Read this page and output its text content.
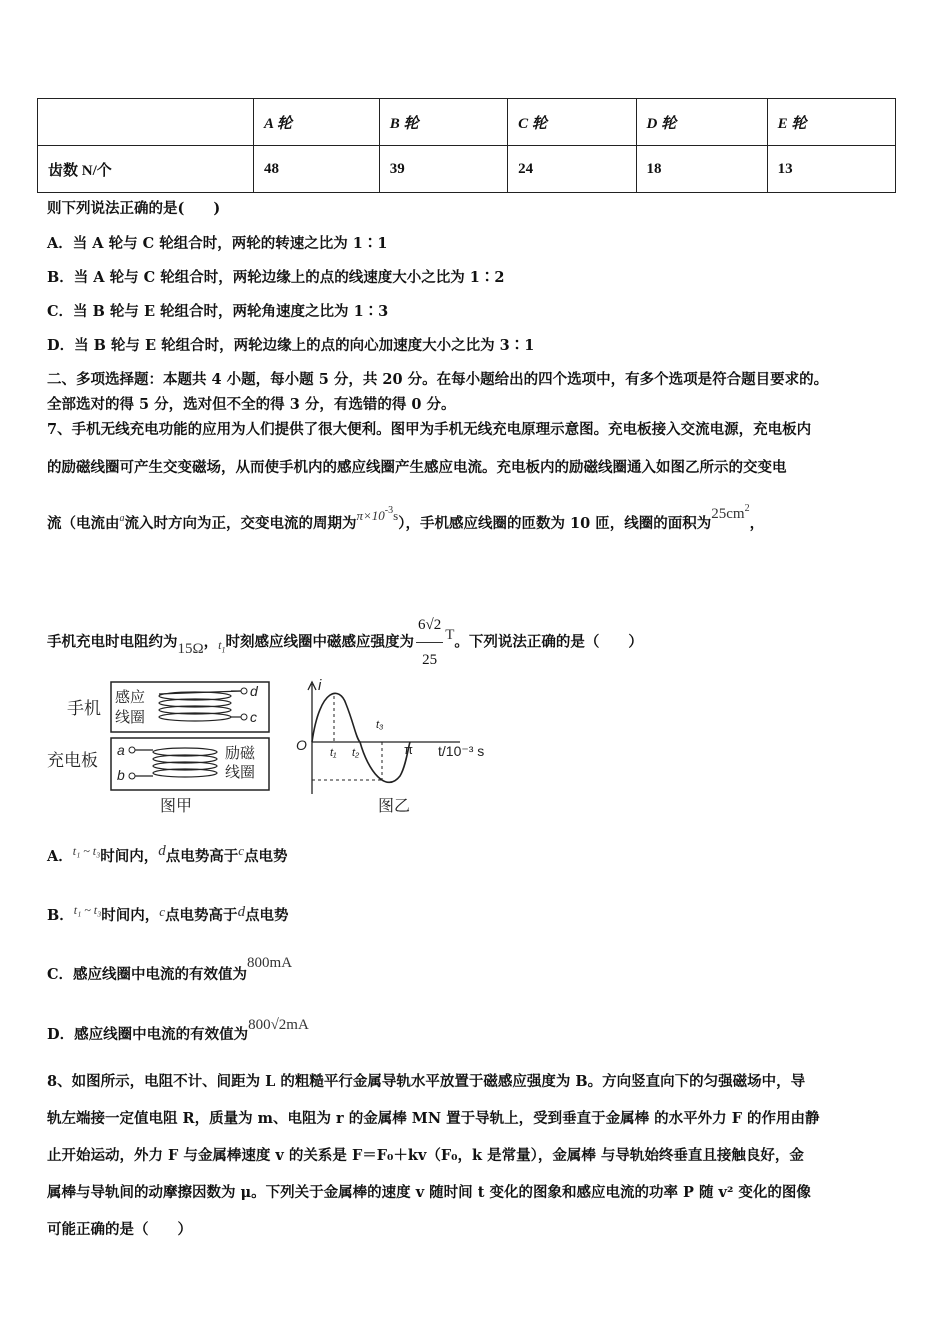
	A 轮	B 轮	C 轮	D 轮	E 轮
齿数 N/个	48	39	24	18	13
则下列说法正确的是(　　)
A．当 A 轮与 C 轮组合时，两轮的转速之比为 1∶1
B．当 A 轮与 C 轮组合时，两轮边缘上的点的线速度大小之比为 1∶2
C．当 B 轮与 E 轮组合时，两轮角速度之比为 1∶3
D．当 B 轮与 E 轮组合时，两轮边缘上的点的向心加速度大小之比为 3∶1
二、多项选择题：本题共 4 小题，每小题 5 分，共 20 分。在每小题给出的四个选项中，有多个选项是符合题目要求的。
全部选对的得 5 分，选对但不全的得 3 分，有选错的得 0 分。
7、手机无线充电功能的应用为人们提供了很大便利。图甲为手机无线充电原理示意图。充电板接入交流电源，充电板内
的励磁线圈可产生交变磁场，从而使手机内的感应线圈产生感应电流。充电板内的励磁线圈通入如图乙所示的交变电
流（电流由$^a$流入时方向为正，交变电流的周期为$\pi\times 10^{-3}s$），手机感应线圈的匝数为 10 匝，线圈的面积为$25cm^2$，
手机充电时电阻约为15Ω，$t_1$时刻感应线圈中磁感应强度为 $\frac{6√2}{25}$ T。下列说法正确的是（　　）
手机
感应
线圈
d
c
充电板
a
b
励磁
线圈
图甲
i
O	t/10⁻³ s
t₁ t₂
t₃
π
图乙
A．$^{t_1 \sim t_3}$时间内，d点电势高于c点电势
B．$^{t_1 \sim t_3}$时间内，c点电势高于d点电势
C．感应线圈中电流的有效值为800mA
D．感应线圈中电流的有效值为800√2mA
8、如图所示，电阻不计、间距为 L 的粗糙平行金属导轨水平放置于磁感应强度为 B。方向竖直向下的匀强磁场中，导
轨左端接一定值电阻 R，质量为 m、电阻为 r 的金属棒 MN 置于导轨上，受到垂直于金属棒 的水平外力 F 的作用由静
止开始运动，外力 F 与金属棒速度 v 的关系是 F＝F₀＋kv（F₀，k 是常量），金属棒 与导轨始终垂直且接触良好，金
属棒与导轨间的动摩擦因数为 μ。下列关于金属棒的速度 v 随时间 t 变化的图象和感应电流的功率 P 随 v² 变化的图像
可能正确的是（　　）
